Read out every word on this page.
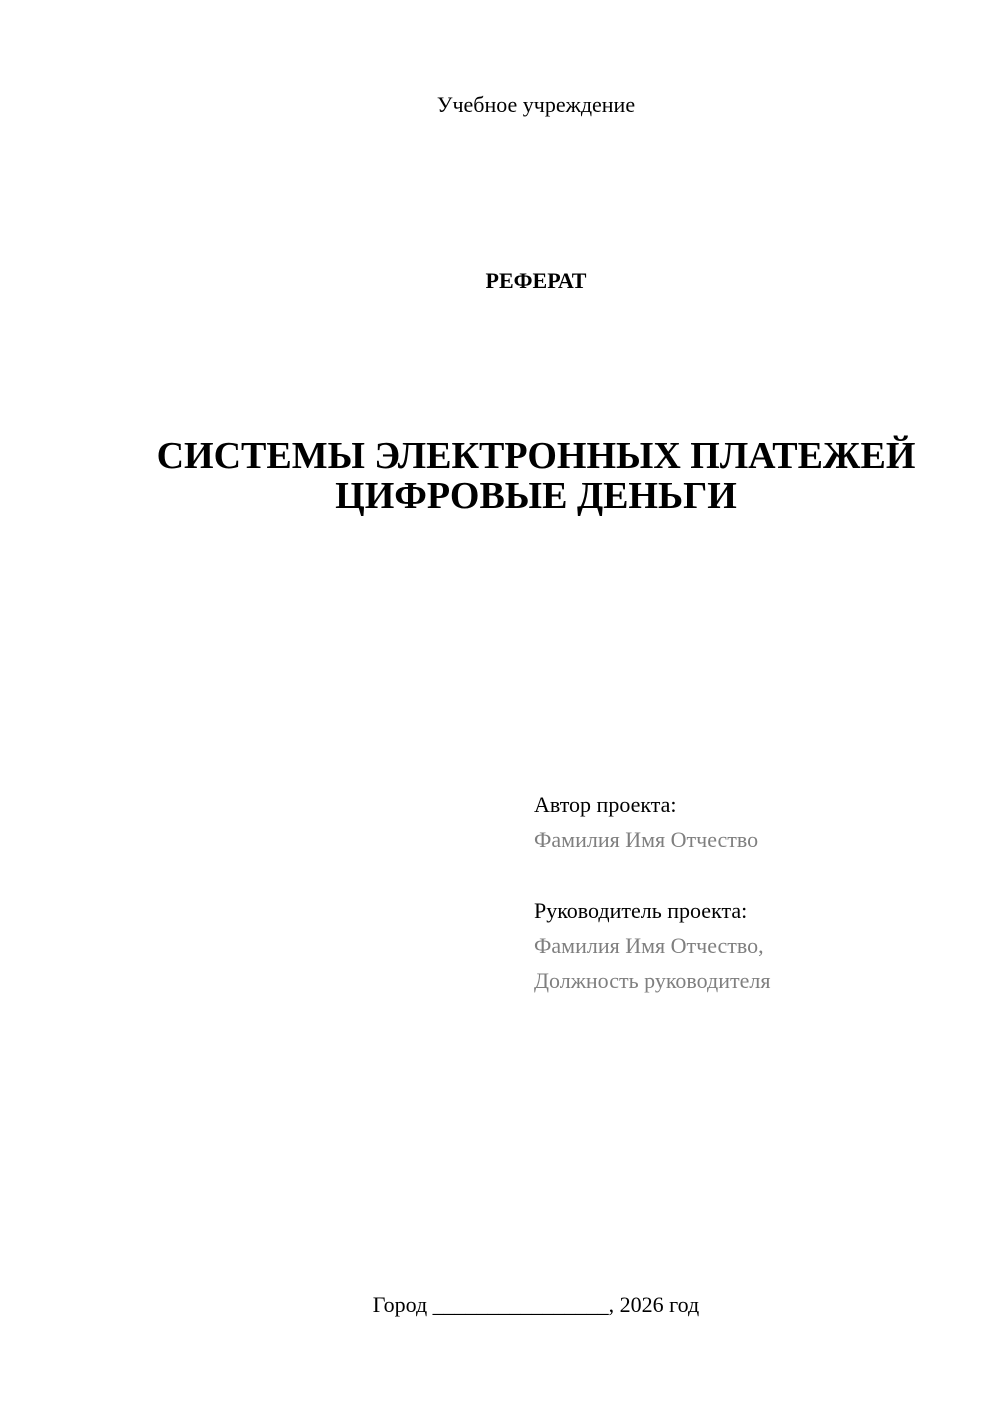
Учебное учреждение
РЕФЕРАТ
СИСТЕМЫ ЭЛЕКТРОННЫХ ПЛАТЕЖЕЙ
ЦИФРОВЫЕ ДЕНЬГИ
Автор проекта:
Фамилия Имя Отчество
Руководитель проекта:
Фамилия Имя Отчество,
Должность руководителя
Город ________________, 2026 год
